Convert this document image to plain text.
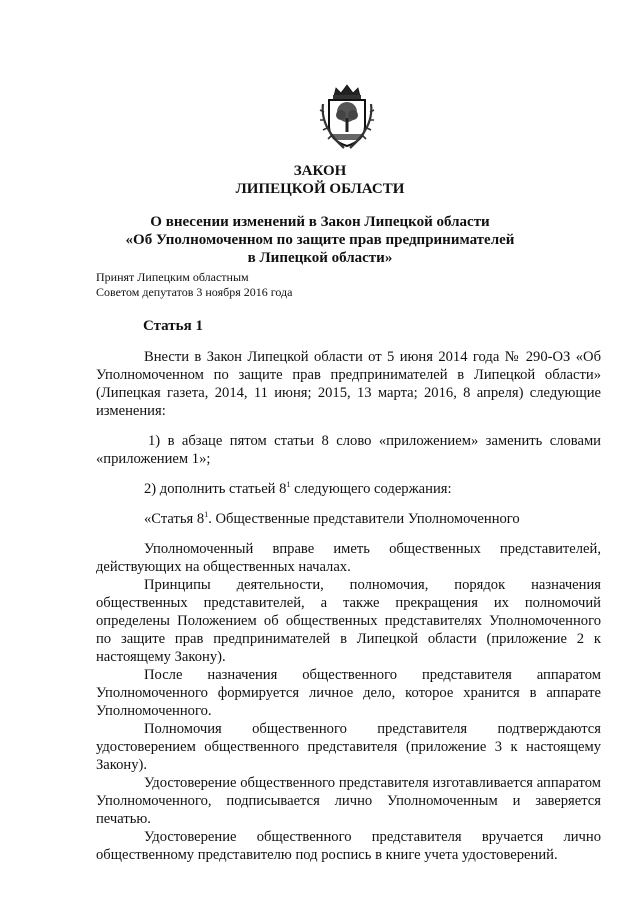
ЗАКОН
ЛИПЕЦКОЙ ОБЛАСТИ
О внесении изменений в Закон Липецкой области
«Об Уполномоченном по защите прав предпринимателей
в Липецкой области»
Принят Липецким областным
Советом депутатов 3 ноября 2016 года
Статья 1

Внести в Закон Липецкой области от 5 июня 2014 года № 290-ОЗ «Об Уполномоченном по защите прав предпринимателей в Липецкой области» (Липецкая газета, 2014, 11 июня; 2015, 13 марта; 2016, 8 апреля) следующие изменения:

1) в абзаце пятом статьи 8 слово «приложением» заменить словами «приложением 1»;

2) дополнить статьей $8^1$ следующего содержания:

«Статья $8^1$. Общественные представители Уполномоченного

Уполномоченный вправе иметь общественных представителей, действующих на общественных началах.

Принципы деятельности, полномочия, порядок назначения общественных представителей, а также прекращения их полномочий определены Положением об общественных представителях Уполномоченного по защите прав предпринимателей в Липецкой области (приложение 2 к настоящему Закону).

После назначения общественного представителя аппаратом Уполномоченного формируется личное дело, которое хранится в аппарате Уполномоченного.

Полномочия общественного представителя подтверждаются удостоверением общественного представителя (приложение 3 к настоящему Закону).

Удостоверение общественного представителя изготавливается аппаратом Уполномоченного, подписывается лично Уполномоченным и заверяется печатью.

Удостоверение общественного представителя вручается лично общественному представителю под роспись в книге учета удостоверений.
